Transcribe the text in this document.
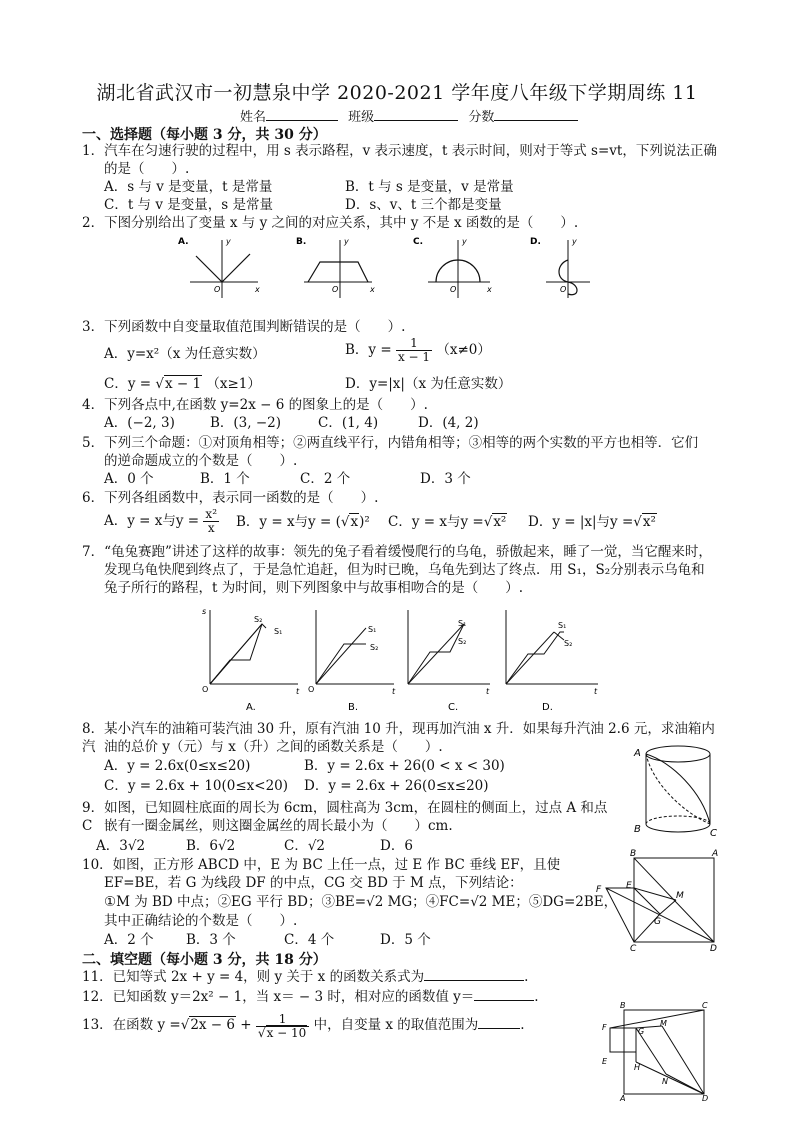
湖北省武汉市一初慧泉中学 2020-2021 学年度八年级下学期周练 11
姓名	班级	分数
一、选择题（每小题 3 分，共 30 分）
1．汽车在匀速行驶的过程中，用 s 表示路程，v 表示速度，t 表示时间，则对于等式 s=vt，下列说法正确
的是（　　）.
A．s 与 v 是变量，t 是常量	B．t 与 s 是变量，v 是常量
C．t 与 v 是变量，s 是常量	D．s、v、t 三个都是变量
2．下图分别给出了变量 x 与 y 之间的对应关系，其中 y 不是 x 函数的是（　　）.
A.	y
x
O
B.	y
x
O
C.	y
x
O
D.	y
O
3．下列函数中自变量取值范围判断错误的是（　　）.
A．y=x²（x 为任意实数）	B．$y = \frac{1}{x - 1} (x\ne 0)$
C．y = √x − 1 （x≥1）	D．y=|x|（x 为任意实数）
4．下列各点中,在函数 y=2x − 6 的图象上的是（　　）.
A．(−2, 3)	B．(3, −2)	C．(1, 4)	D．(4, 2)
5．下列三个命题：①对顶角相等；②两直线平行，内错角相等；③相等的两个实数的平方也相等．它们
的逆命题成立的个数是（　　）.
A．0 个	B．1 个	C．2 个	D．3 个
6．下列各组函数中，表示同一函数的是（　　）.
A．y = x与$y = \frac{\text{x²}}{x}$ B．y = x与y = (√x)² C．y = x与y =√x² D．y = |x|与y =√x²
7．“龟兔赛跑”讲述了这样的故事：领先的兔子看着缓慢爬行的乌龟，骄傲起来，睡了一觉，当它醒来时，
发现乌龟快爬到终点了，于是急忙追赶，但为时已晚，乌龟先到达了终点．用 S₁，S₂分别表示乌龟和
兔子所行的路程，t 为时间，则下列图象中与故事相吻合的是（　　）.
s
t
O
S₂
S₁
A.
t
O
S₁
S₂
B.
t
S₁
S₂
C.
t
S₁
S₂
D.
8．某小汽车的油箱可装汽油 30 升，原有汽油 10 升，现再加汽油 x 升．如果每升汽油 2.6 元，求油箱内汽 油的总价 y（元）与 x（升）之间的函数关系是（　　）.
A．y = 2.6x(0≤x≤20)	B．y = 2.6x + 26(0 < x < 30)
C．y = 2.6x + 10(0≤x<20) D．y = 2.6x + 26(0≤x≤20)
A
B	C
9．如图，已知圆柱底面的周长为 6cm，圆柱高为 3cm，在圆柱的侧面上，过点 A 和点 C 嵌有一圈金属丝，则这圈金属丝的周长最小为（　　）cm.
A．3√2	B．6√2	C．√2	D．6	B	A
F	E
M
G
C	D
10．如图，正方形 ABCD 中，E 为 BC 上任一点，过 E 作 BC 垂线 EF，且使
EF=BE，若 G 为线段 DF 的中点，CG 交 BD 于 M 点，下列结论：
①M 为 BD 中点；②EG 平行 BD；③BE=√2 MG；④FC=√2 ME；⑤DG=2BE，
其中正确结论的个数是（　　）.
A．2 个 B．3 个	C．4 个	D．5 个
二、填空题（每小题 3 分，共 18 分）
11．已知等式 2x + y = 4，则 y 关于 x 的函数关系式为	.
12．已知函数 y＝2x² − 1，当 x＝ − 3 时，相对应的函数值 y＝	.
13．在函数 $y =√2x - 6 + \frac{1}{√x - 10}$ 中，自变量 x 的取值范围为	.
B	C
F	G
M
E
H
N
A	D
